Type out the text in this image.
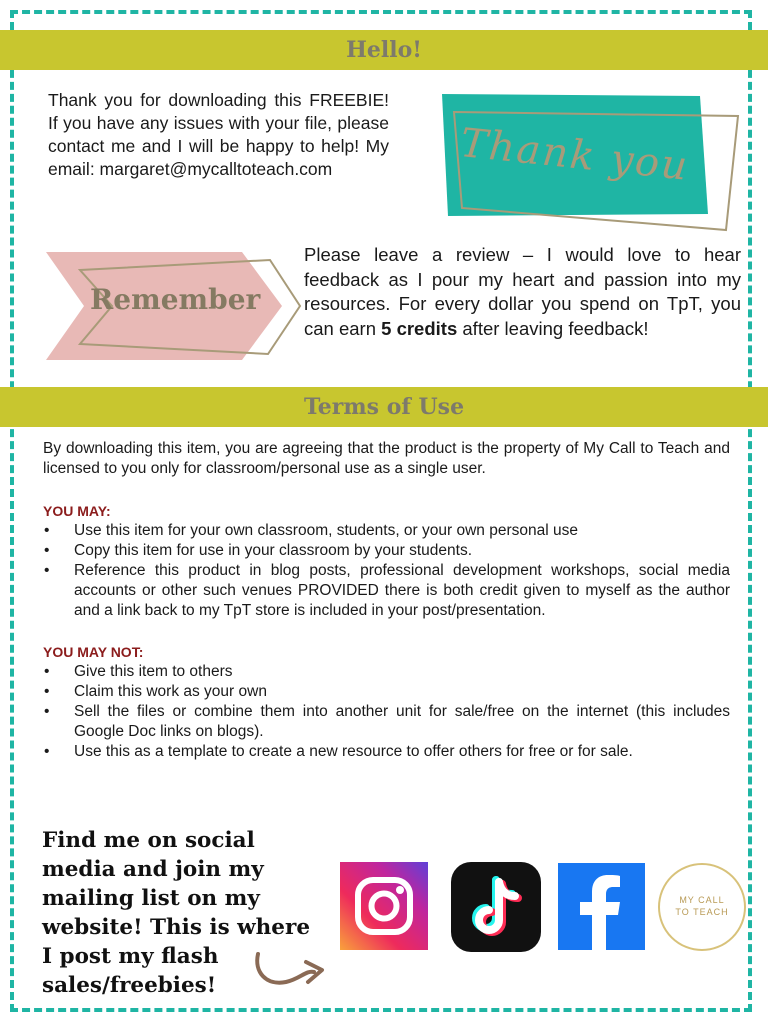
Hello!
Thank you for downloading this FREEBIE! If you have any issues with your file, please contact me and I will be happy to help! My email: margaret@mycalltoteach.com	Thank you
Remember
Please leave a review – I would love to hear feedback as I pour my heart and passion into my resources. For every dollar you spend on TpT, you can earn 5 credits after leaving feedback!
Terms of Use

By downloading this item, you are agreeing that the product is the property of My Call to Teach and licensed to you only for classroom/personal use as a single user.

YOU MAY:
• Use this item for your own classroom, students, or your own personal use
• Copy this item for use in your classroom by your students.
• Reference this product in blog posts, professional development workshops, social media accounts or other such venues PROVIDED there is both credit given to myself as the author and a link back to my TpT store is included in your post/presentation.
YOU MAY NOT:
• Give this item to others
• Claim this work as your own
• Sell the files or combine them into another unit for sale/free on the internet (this includes Google Doc links on blogs).
• Use this as a template to create a new resource to offer others for free or for sale.
Find me on social media and join my mailing list on my website! This is where I post my flash sales/freebies!
MY CALL
TO TEACH
